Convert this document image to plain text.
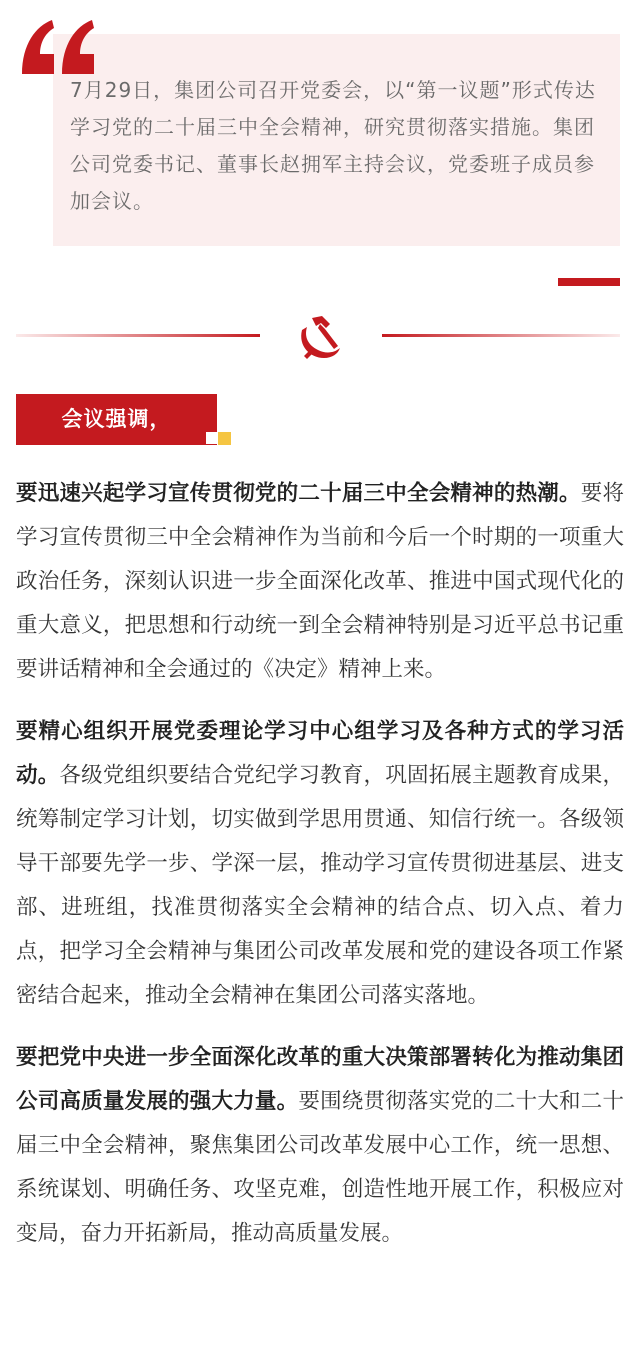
7月29日，集团公司召开党委会，以“第一议题”形式传达学习党的二十届三中全会精神，研究贯彻落实措施。集团公司党委书记、董事长赵拥军主持会议，党委班子成员参加会议。

会议强调，

要迅速兴起学习宣传贯彻党的二十届三中全会精神的热潮。要将学习宣传贯彻三中全会精神作为当前和今后一个时期的一项重大政治任务，深刻认识进一步全面深化改革、推进中国式现代化的重大意义，把思想和行动统一到全会精神特别是习近平总书记重要讲话精神和全会通过的《决定》精神上来。

要精心组织开展党委理论学习中心组学习及各种方式的学习活动。各级党组织要结合党纪学习教育，巩固拓展主题教育成果，统筹制定学习计划，切实做到学思用贯通、知信行统一。各级领导干部要先学一步、学深一层，推动学习宣传贯彻进基层、进支部、进班组，找准贯彻落实全会精神的结合点、切入点、着力点，把学习全会精神与集团公司改革发展和党的建设各项工作紧密结合起来，推动全会精神在集团公司落实落地。

要把党中央进一步全面深化改革的重大决策部署转化为推动集团公司高质量发展的强大力量。要围绕贯彻落实党的二十大和二十届三中全会精神，聚焦集团公司改革发展中心工作，统一思想、系统谋划、明确任务、攻坚克难，创造性地开展工作，积极应对变局，奋力开拓新局，推动高质量发展。
